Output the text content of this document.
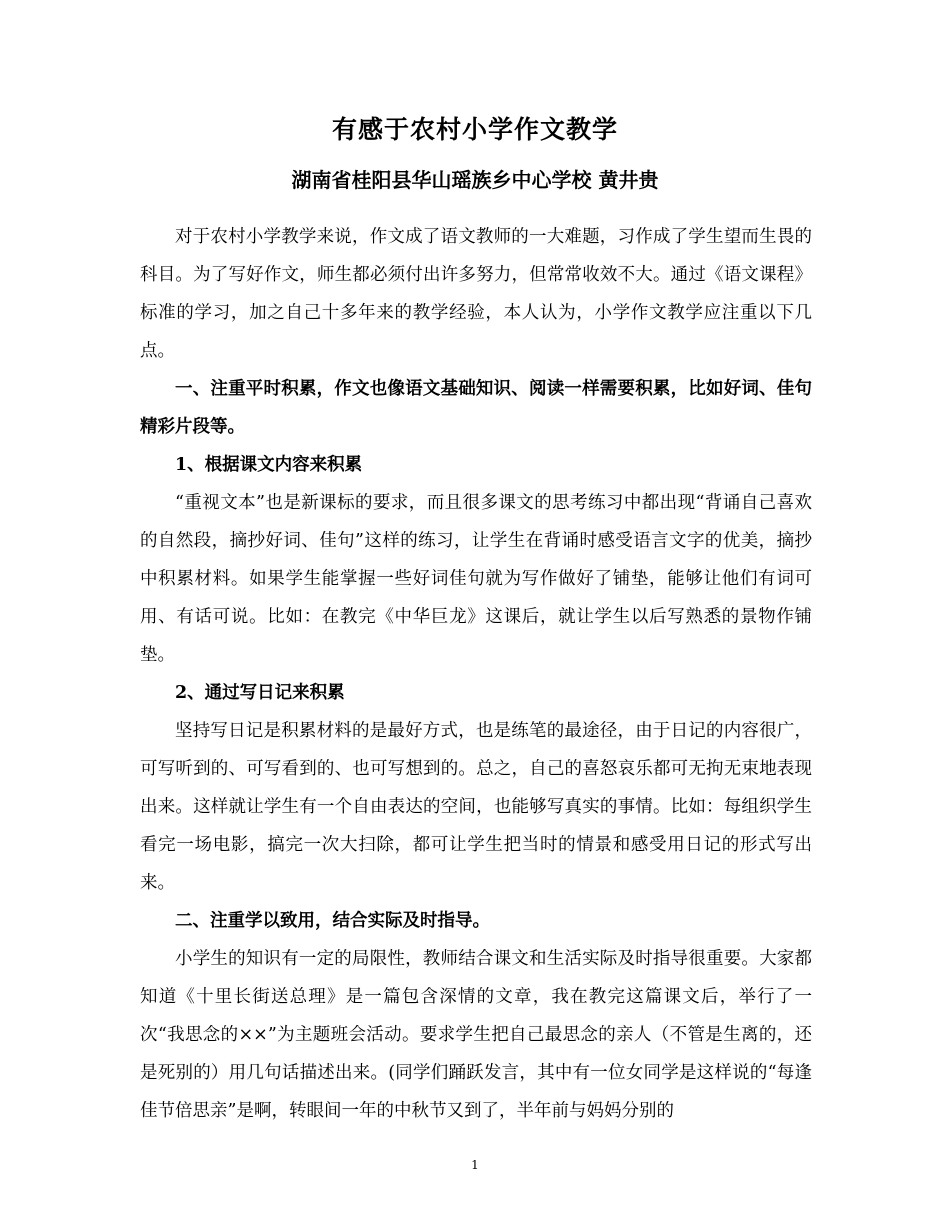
有感于农村小学作文教学
湖南省桂阳县华山瑶族乡中心学校 黄井贵

对于农村小学教学来说，作文成了语文教师的一大难题，习作成了学生望而生畏的科目。为了写好作文，师生都必须付出许多努力，但常常收效不大。通过《语文课程》标准的学习，加之自己十多年来的教学经验，本人认为，小学作文教学应注重以下几点。

一、注重平时积累，作文也像语文基础知识、阅读一样需要积累，比如好词、佳句精彩片段等。

1、根据课文内容来积累

“重视文本”也是新课标的要求，而且很多课文的思考练习中都出现“背诵自己喜欢的自然段，摘抄好词、佳句”这样的练习，让学生在背诵时感受语言文字的优美，摘抄中积累材料。如果学生能掌握一些好词佳句就为写作做好了铺垫，能够让他们有词可用、有话可说。比如：在教完《中华巨龙》这课后，就让学生以后写熟悉的景物作铺垫。

2、通过写日记来积累

坚持写日记是积累材料的是最好方式，也是练笔的最途径，由于日记的内容很广，可写听到的、可写看到的、也可写想到的。总之，自己的喜怒哀乐都可无拘无束地表现出来。这样就让学生有一个自由表达的空间，也能够写真实的事情。比如：每组织学生看完一场电影，搞完一次大扫除，都可让学生把当时的情景和感受用日记的形式写出来。

二、注重学以致用，结合实际及时指导。

小学生的知识有一定的局限性，教师结合课文和生活实际及时指导很重要。大家都知道《十里长街送总理》是一篇包含深情的文章，我在教完这篇课文后，举行了一次“我思念的××”为主题班会活动。要求学生把自己最思念的亲人（不管是生离的，还是死别的）用几句话描述出来。(同学们踊跃发言，其中有一位女同学是这样说的“每逢佳节倍思亲”是啊，转眼间一年的中秋节又到了，半年前与妈妈分别的

1
